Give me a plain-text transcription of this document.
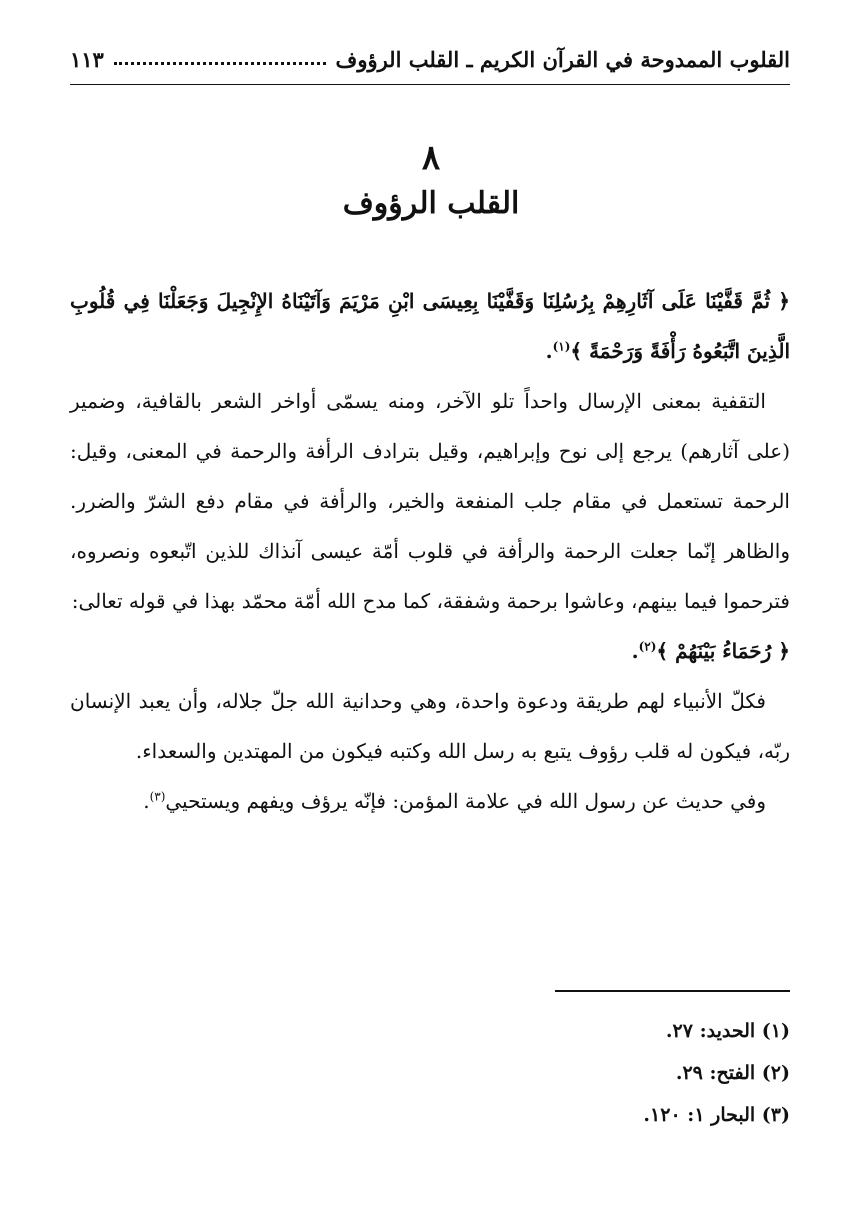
القلوب الممدوحة في القرآن الكريم ـ القلب الرؤوف
١١٣
٨
القلب الرؤوف

﴿ ثُمَّ قَفَّيْنَا عَلَى آثَارِهِمْ بِرُسُلِنَا وَقَفَّيْنَا بِعِيسَى ابْنِ مَرْيَمَ وَآتَيْنَاهُ الإِنْجِيلَ وَجَعَلْنَا فِي قُلُوبِ الَّذِينَ اتَّبَعُوهُ رَأْفَةً وَرَحْمَةً ﴾$^{(١)}$.

التقفية بمعنى الإرسال واحداً تلو الآخر، ومنه يسمّى أواخر الشعر بالقافية، وضمير (على آثارهم) يرجع إلى نوح وإبراهيم، وقيل بترادف الرأفة والرحمة في المعنى، وقيل: الرحمة تستعمل في مقام جلب المنفعة والخير، والرأفة في مقام دفع الشرّ والضرر. والظاهر إنّما جعلت الرحمة والرأفة في قلوب أمّة عيسى آنذاك للذين اتّبعوه ونصروه، فترحموا فيما بينهم، وعاشوا برحمة وشفقة، كما مدح الله أمّة محمّد بهذا في قوله تعالى:

﴿ رُحَمَاءُ بَيْنَهُمْ ﴾$^{(٢)}$.

فكلّ الأنبياء لهم طريقة ودعوة واحدة، وهي وحدانية الله جلّ جلاله، وأن يعبد الإنسان ربّه، فيكون له قلب رؤوف يتبع به رسل الله وكتبه فيكون من المهتدين والسعداء.

وفي حديث عن رسول الله في علامة المؤمن: فإنّه يرؤف ويفهم ويستحيي$^{(٣)}$.

(١) الحديد: ٢٧.
(٢) الفتح: ٢٩.
(٣) البحار ١: ١٢٠.
